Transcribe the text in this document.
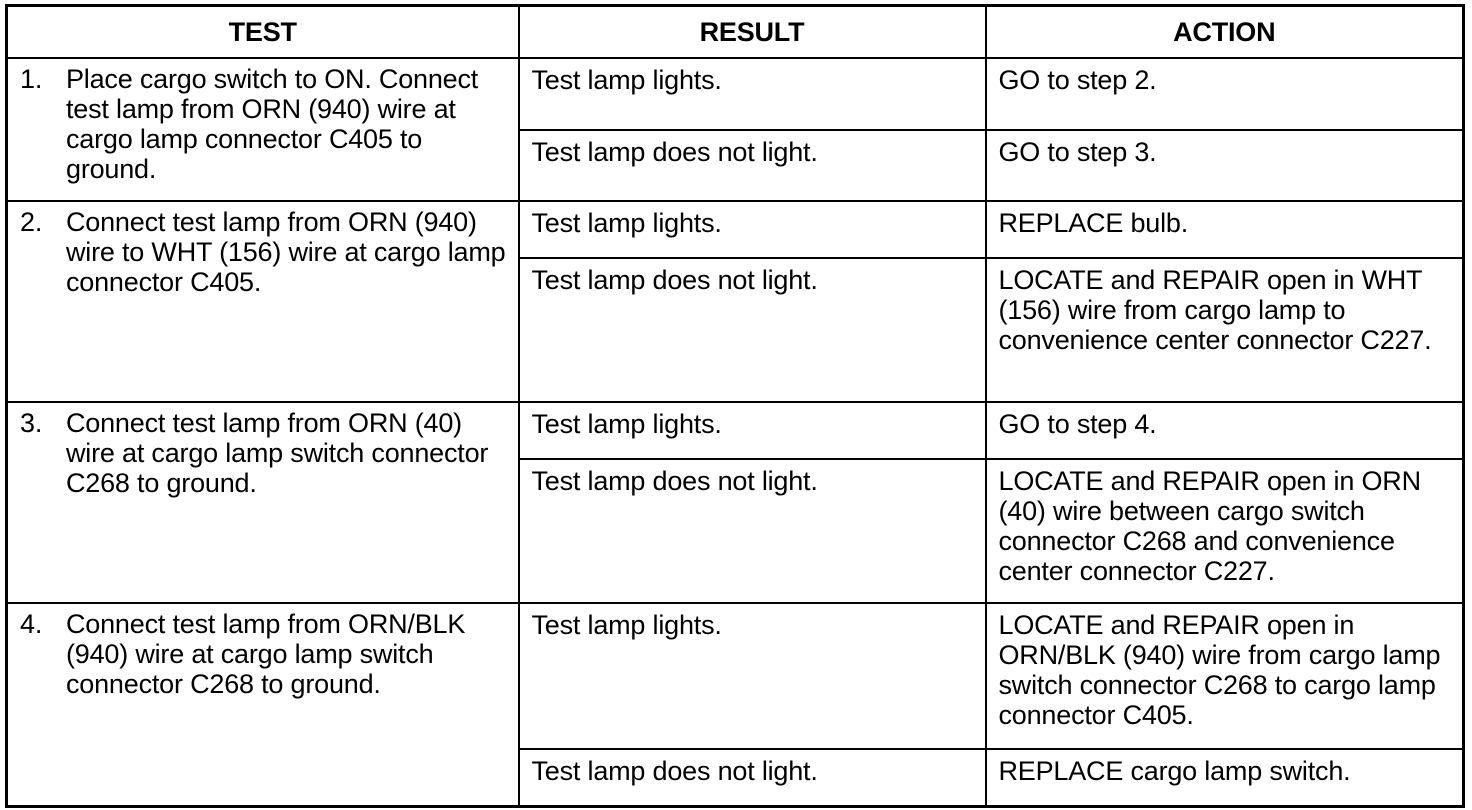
TEST	RESULT	ACTION

1. Place cargo switch to ON. Connect test lamp from ORN (940) wire at cargo lamp connector C405 to ground.	Test lamp lights.	GO to step 2.
	Test lamp does not light.	GO to step 3.

2. Connect test lamp from ORN (940) wire to WHT (156) wire at cargo lamp connector C405.	Test lamp lights.	REPLACE bulb.
	Test lamp does not light.	LOCATE and REPAIR open in WHT (156) wire from cargo lamp to convenience center connector C227.

3. Connect test lamp from ORN (40) wire at cargo lamp switch connector C268 to ground.	Test lamp lights.	GO to step 4.
	Test lamp does not light.	LOCATE and REPAIR open in ORN (40) wire between cargo switch connector C268 and convenience center connector C227.

4. Connect test lamp from ORN/BLK (940) wire at cargo lamp switch connector C268 to ground.	Test lamp lights.	LOCATE and REPAIR open in ORN/BLK (940) wire from cargo lamp switch connector C268 to cargo lamp connector C405.
	Test lamp does not light.	REPLACE cargo lamp switch.
